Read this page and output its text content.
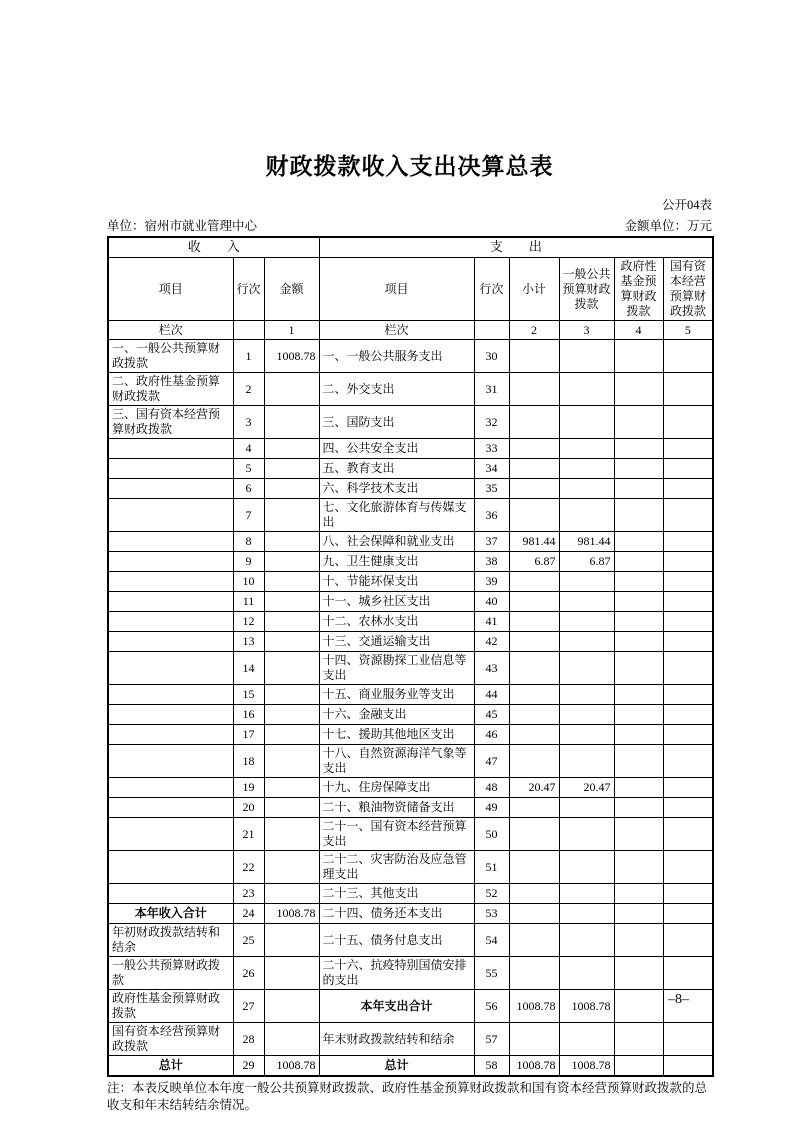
财政拨款收入支出决算总表
公开04表
单位：宿州市就业管理中心	金额单位：万元
收　　入			支　　出					
项目	行次	金额	项目	行次	小计	一般公共预算财政拨款	政府性基金预算财政拨款	国有资本经营预算财政拨款
栏次		1	栏次		2	3	4	5
一、一般公共预算财政拨款	1	1008.78	一、一般公共服务支出	30				
二、政府性基金预算财政拨款	2		二、外交支出	31				
三、国有资本经营预算财政拨款	3		三、国防支出	32				
	4		四、公共安全支出	33				
	5		五、教育支出	34				
	6		六、科学技术支出	35				
	7		七、文化旅游体育与传媒支出	36				
	8		八、社会保障和就业支出	37	981.44	981.44		
	9		九、卫生健康支出	38	6.87	6.87		
	10		十、节能环保支出	39				
	11		十一、城乡社区支出	40				
	12		十二、农林水支出	41				
	13		十三、交通运输支出	42				
	14		十四、资源勘探工业信息等支出	43				
	15		十五、商业服务业等支出	44				
	16		十六、金融支出	45				
	17		十七、援助其他地区支出	46				
	18		十八、自然资源海洋气象等支出	47				
	19		十九、住房保障支出	48	20.47	20.47		
	20		二十、粮油物资储备支出	49				
	21		二十一、国有资本经营预算支出	50				
	22		二十二、灾害防治及应急管理支出	51				
	23		二十三、其他支出	52				
本年收入合计	24	1008.78	二十四、债务还本支出	53				
年初财政拨款结转和结余	25		二十五、债务付息支出	54				
一般公共预算财政拨款	26		二十六、抗疫特别国债安排的支出	55				
政府性基金预算财政拨款	27		本年支出合计	56	1008.78	1008.78		
国有资本经营预算财政拨款	28		年末财政拨款结转和结余	57				
总计	29	1008.78	总计	58	1008.78	1008.78		
注：本表反映单位本年度一般公共预算财政拨款、政府性基金预算财政拨款和国有资本经营预算财政拨款的总收支和年末结转结余情况。
–8–
